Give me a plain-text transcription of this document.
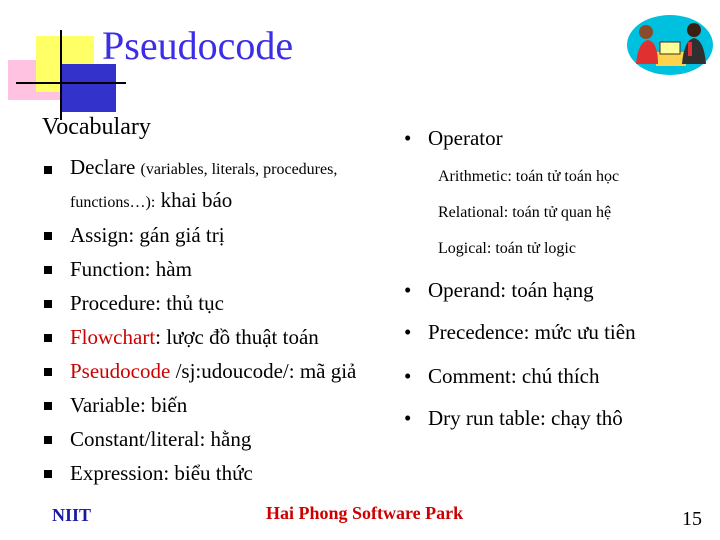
Pseudocode
Vocabulary
Declare (variables, literals, procedures, functions…): khai báo
Assign: gán giá trị
Function: hàm
Procedure: thủ tục
Flowchart: lược đồ thuật toán
Pseudocode /sj:udoucode/: mã giả
Variable: biến
Constant/literal: hằng
Expression: biểu thức
• Operator
Arithmetic: toán tử toán học
Relational: toán tử quan hệ
Logical: toán tử logic
• Operand: toán hạng
• Precedence: mức ưu tiên
• Comment: chú thích
• Dry run table: chạy thô
NIIT	Hai Phong Software Park	15
